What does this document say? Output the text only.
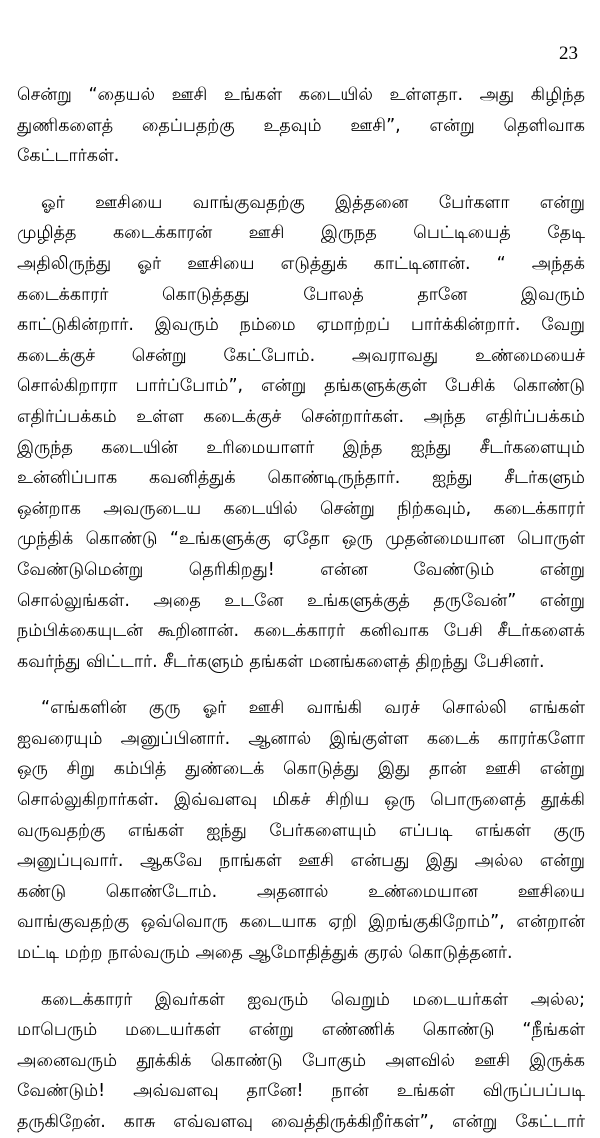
23
சென்று “தையல் ஊசி உங்கள் கடையில் உள்ளதா. அது கிழிந்த
துணிகளைத் தைப்பதற்கு உதவும் ஊசி”, என்று தெளிவாக
கேட்டார்கள்.
ஓர் ஊசியை வாங்குவதற்கு இத்தனை பேர்களா என்று
முழித்த கடைக்காரன் ஊசி இருநத பெட்டியைத் தேடி
அதிலிருந்து ஓர் ஊசியை எடுத்துக் காட்டினான். “ அந்தக்
கடைக்காரர் கொடுத்தது போலத் தானே இவரும்
காட்டுகின்றார். இவரும் நம்மை ஏமாற்றப் பார்க்கின்றார். வேறு
கடைக்குச் சென்று கேட்போம். அவராவது உண்மையைச்
சொல்கிறாரா பார்ப்போம்”, என்று தங்களுக்குள் பேசிக் கொண்டு
எதிர்ப்பக்கம் உள்ள கடைக்குச் சென்றார்கள். அந்த எதிர்ப்பக்கம்
இருந்த கடையின் உரிமையாளர் இந்த ஐந்து சீடர்களையும்
உன்னிப்பாக கவனித்துக் கொண்டிருந்தார். ஐந்து சீடர்களும்
ஒன்றாக அவருடைய கடையில் சென்று நிற்கவும், கடைக்காரர்
முந்திக் கொண்டு “உங்களுக்கு ஏதோ ஒரு முதன்மையான பொருள்
வேண்டுமென்று தெரிகிறது! என்ன வேண்டும் என்று
சொல்லுங்கள். அதை உடனே உங்களுக்குத் தருவேன்” என்று
நம்பிக்கையுடன் கூறினான். கடைக்காரர் கனிவாக பேசி சீடர்களைக்
கவர்ந்து விட்டார். சீடர்களும் தங்கள் மனங்களைத் திறந்து பேசினர்.
“எங்களின் குரு ஓர் ஊசி வாங்கி வரச் சொல்லி எங்கள்
ஐவரையும் அனுப்பினார். ஆனால் இங்குள்ள கடைக் காரர்களோ
ஒரு சிறு கம்பித் துண்டைக் கொடுத்து இது தான் ஊசி என்று
சொல்லுகிறார்கள். இவ்வளவு மிகச் சிறிய ஒரு பொருளைத் தூக்கி
வருவதற்கு எங்கள் ஐந்து பேர்களையும் எப்படி எங்கள் குரு
அனுப்புவார். ஆகவே நாங்கள் ஊசி என்பது இது அல்ல என்று
கண்டு கொண்டோம். அதனால் உண்மையான ஊசியை
வாங்குவதற்கு ஒவ்வொரு கடையாக ஏறி இறங்குகிறோம்”, என்றான்
மட்டி மற்ற நால்வரும் அதை ஆமோதித்துக் குரல் கொடுத்தனர்.
கடைக்காரர் இவர்கள் ஐவரும் வெறும் மடையர்கள் அல்ல;
மாபெரும் மடையர்கள் என்று எண்ணிக் கொண்டு “நீங்கள்
அனைவரும் தூக்கிக் கொண்டு போகும் அளவில் ஊசி இருக்க
வேண்டும்! அவ்வளவு தானே! நான் உங்கள் விருப்பப்படி
தருகிறேன். காசு எவ்வளவு வைத்திருக்கிறீர்கள்”, என்று கேட்டார்
